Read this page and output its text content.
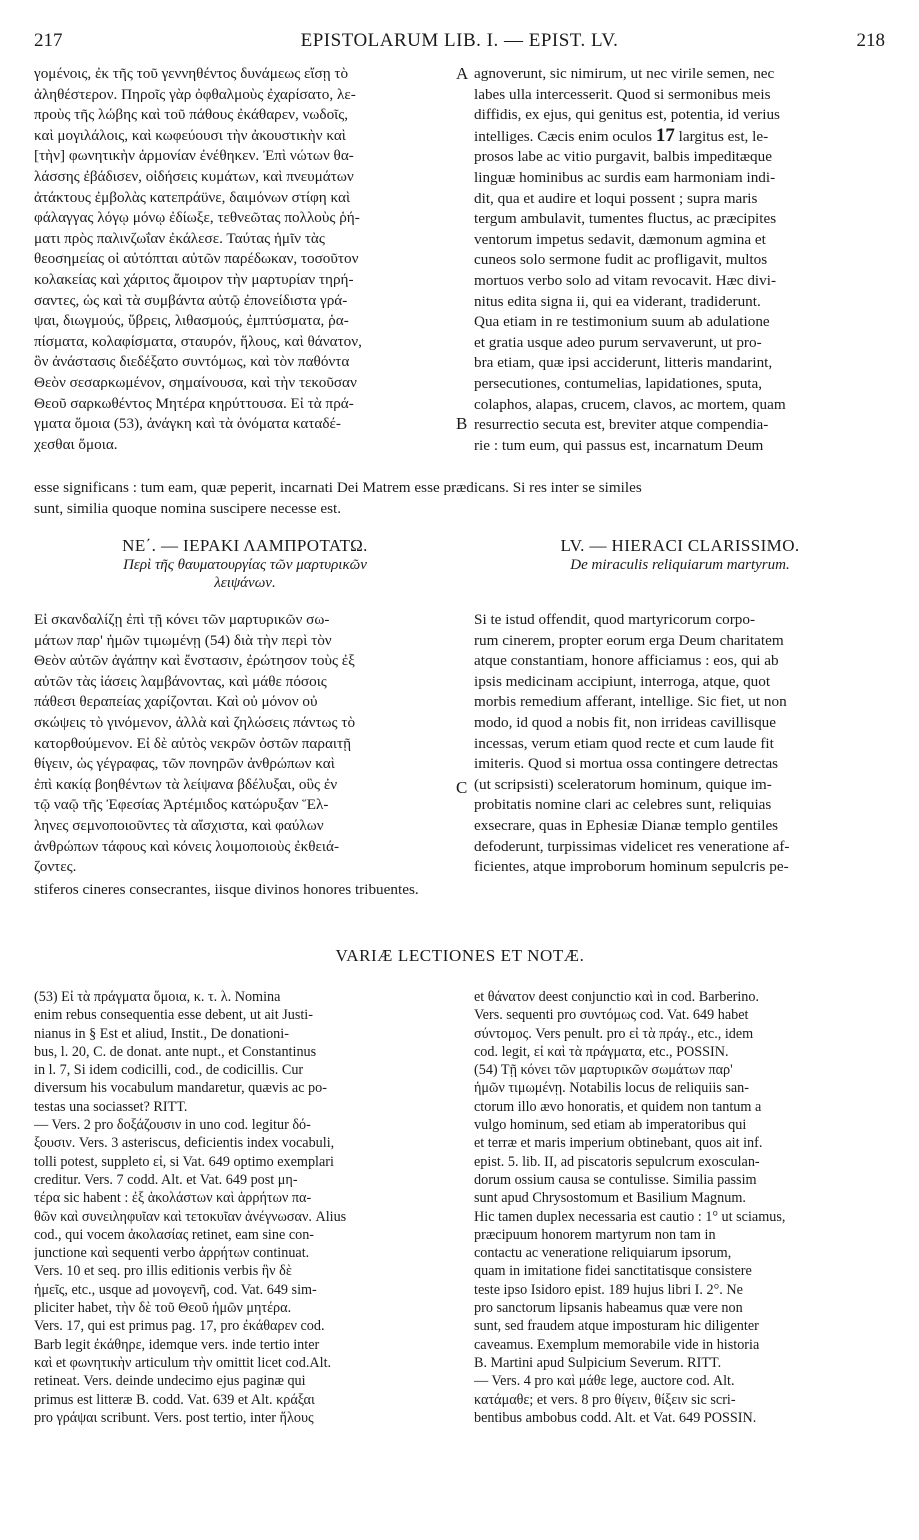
217	EPISTOLARUM LIB. I. — EPIST. LV.	218
γομένοις, ἐκ τῆς τοῦ γεννηθέντος δυνάμεως εἴσῃ τὸ
ἀληθέστερον. Πηροῖς γὰρ ὀφθαλμοὺς ἐχαρίσατο, λε-
προὺς τῆς λώβης καὶ τοῦ πάθους ἐκάθαρεν, νωδοῖς,
καὶ μογιλάλοις, καὶ κωφεύουσι τὴν ἀκουστικὴν καὶ
[τὴν] φωνητικὴν ἁρμονίαν ἐνέθηκεν. Ἐπὶ νώτων θα-
λάσσης ἐβάδισεν, οἰδήσεις κυμάτων, καὶ πνευμάτων
ἀτάκτους ἐμβολὰς κατεπράϋνε, δαιμόνων στίφη καὶ
φάλαγγας λόγῳ μόνῳ ἐδίωξε, τεθνεῶτας πολλοὺς ῥή-
ματι πρὸς παλινζωΐαν ἐκάλεσε. Ταύτας ἡμῖν τὰς
θεοσημείας οἱ αὐτόπται αὐτῶν παρέδωκαν, τοσοῦτον
κολακείας καὶ χάριτος ἄμοιρον τὴν μαρτυρίαν τηρή-
σαντες, ὡς καὶ τὰ συμβάντα αὐτῷ ἐπονείδιστα γρά-
ψαι, διωγμούς, ὕβρεις, λιθασμούς, ἐμπτύσματα, ῥα-
πίσματα, κολαφίσματα, σταυρόν, ἥλους, καὶ θάνατον,
ὃν ἀνάστασις διεδέξατο συντόμως, καὶ τὸν παθόντα
Θεὸν σεσαρκωμένον, σημαίνουσα, καὶ τὴν τεκοῦσαν
Θεοῦ σαρκωθέντος Μητέρα κηρύττουσα. Εἰ τὰ πρά-
γματα ὅμοια (53), ἀνάγκη καὶ τὰ ὀνόματα καταδέ-
χεσθαι ὅμοια.
agnoverunt, sic nimirum, ut nec virile semen, nec
labes ulla intercesserit. Quod si sermonibus meis
diffidis, ex ejus, qui genitus est, potentia, id verius
intelliges. Cæcis enim oculos 17 largitus est, le-
prosos labe ac vitio purgavit, balbis impeditæque
linguæ hominibus ac surdis eam harmoniam indi-
dit, qua et audire et loqui possent ; supra maris
tergum ambulavit, tumentes fluctus, ac præcipites
ventorum impetus sedavit, dæmonum agmina et
cuneos solo sermone fudit ac profligavit, multos
mortuos verbo solo ad vitam revocavit. Hæc divi-
nitus edita signa ii, qui ea viderant, tradiderunt.
Qua etiam in re testimonium suum ab adulatione
et gratia usque adeo purum servaverunt, ut pro-
bra etiam, quæ ipsi acciderunt, litteris mandarint,
persecutiones, contumelias, lapidationes, sputa,
colaphos, alapas, crucem, clavos, ac mortem, quam
resurrectio secuta est, breviter atque compendia-
rie : tum eum, qui passus est, incarnatum Deum
A
B
C
esse significans : tum eam, quæ peperit, incarnati Dei Matrem esse prædicans. Si res inter se similes
sunt, similia quoque nomina suscipere necesse est.
ΝΕ΄. — ΙΕΡΑΚΙ ΛΑΜΠΡΟΤΑΤΩ.
Περὶ τῆς θαυματουργίας τῶν μαρτυρικῶν
λειψάνων.
LV. — HIERACI CLARISSIMO.
De miraculis reliquiarum martyrum.
Εἰ σκανδαλίζῃ ἐπὶ τῇ κόνει τῶν μαρτυρικῶν σω-
μάτων παρ' ἡμῶν τιμωμένῃ (54) διὰ τὴν περὶ τὸν
Θεὸν αὐτῶν ἀγάπην καὶ ἔνστασιν, ἐρώτησον τοὺς ἐξ
αὐτῶν τὰς ἰάσεις λαμβάνοντας, καὶ μάθε πόσοις
πάθεσι θεραπείας χαρίζονται. Καὶ οὐ μόνον οὐ
σκώψεις τὸ γινόμενον, ἀλλὰ καὶ ζηλώσεις πάντως τὸ
κατορθούμενον. Εἰ δὲ αὐτὸς νεκρῶν ὀστῶν παραιτῇ
θίγειν, ὡς γέγραφας, τῶν πονηρῶν ἀνθρώπων καὶ
ἐπὶ κακίᾳ βοηθέντων τὰ λείψανα βδέλυξαι, οὓς ἐν
τῷ ναῷ τῆς Ἐφεσίας Ἀρτέμιδος κατώρυξαν Ἕλ-
ληνες σεμνοποιοῦντες τὰ αἴσχιστα, καὶ φαύλων
ἀνθρώπων τάφους καὶ κόνεις λοιμοποιοὺς ἐκθειά-
ζοντες.
Si te istud offendit, quod martyricorum corpo-
rum cinerem, propter eorum erga Deum charitatem
atque constantiam, honore afficiamus : eos, qui ab
ipsis medicinam accipiunt, interroga, atque, quot
morbis remedium afferant, intellige. Sic fiet, ut non
modo, id quod a nobis fit, non irrideas cavillisque
incessas, verum etiam quod recte et cum laude fit
imiteris. Quod si mortua ossa contingere detrectas
(ut scripsisti) sceleratorum hominum, quique im-
probitatis nomine clari ac celebres sunt, reliquias
exsecrare, quas in Ephesiæ Dianæ templo gentiles
defoderunt, turpissimas videlicet res veneratione af-
ficientes, atque improborum hominum sepulcris pe-
stiferos cineres consecrantes, iisque divinos honores tribuentes.
VARIÆ LECTIONES ET NOTÆ.
(53) Εἰ τὰ πράγματα ὅμοια, κ. τ. λ. Nomina
enim rebus consequentia esse debent, ut ait Justi-
nianus in § Est et aliud, Instit., De donationi-
bus, l. 20, C. de donat. ante nupt., et Constantinus
in l. 7, Si idem codicilli, cod., de codicillis. Cur
diversum his vocabulum mandaretur, quævis ac po-
testas una sociasset? RITT.
— Vers. 2 pro δοξάζουσιν in uno cod. legitur δό-
ξουσιν. Vers. 3 asteriscus, deficientis index vocabuli,
tolli potest, suppleto εἰ, si Vat. 649 optimo exemplari
creditur. Vers. 7 codd. Alt. et Vat. 649 post μη-
τέρα sic habent : ἐξ ἀκολάστων καὶ ἀρρήτων πα-
θῶν καὶ συνειληφυῖαν καὶ τετοκυῖαν ἀνέγνωσαν. Alius
cod., qui vocem ἀκολασίας retinet, eam sine con-
junctione καὶ sequenti verbo ἀρρήτων continuat.
Vers. 10 et seq. pro illis editionis verbis ἣν δὲ
ἡμεῖς, etc., usque ad μονογενῆ, cod. Vat. 649 sim-
pliciter habet, τὴν δὲ τοῦ Θεοῦ ἡμῶν μητέρα.
Vers. 17, qui est primus pag. 17, pro ἐκάθαρεν cod.
Barb legit ἐκάθηρε, idemque vers. inde tertio inter
καὶ et φωνητικὴν articulum τὴν omittit licet cod.Alt.
retineat. Vers. deinde undecimo ejus paginæ qui
primus est litteræ B. codd. Vat. 639 et Alt. κράξαι
pro γράψαι scribunt. Vers. post tertio, inter ἥλους
et θάνατον deest conjunctio καὶ in cod. Barberino.
Vers. sequenti pro συντόμως cod. Vat. 649 habet
σύντομος. Vers penult. pro εἰ τὰ πράγ., etc., idem
cod. legit, εἰ καὶ τὰ πράγματα, etc., POSSIN.
(54) Τῇ κόνει τῶν μαρτυρικῶν σωμάτων παρ'
ἡμῶν τιμωμένῃ. Notabilis locus de reliquiis san-
ctorum illo ævo honoratis, et quidem non tantum a
vulgo hominum, sed etiam ab imperatoribus qui
et terræ et maris imperium obtinebant, quos ait inf.
epist. 5. lib. II, ad piscatoris sepulcrum exosculan-
dorum ossium causa se contulisse. Similia passim
sunt apud Chrysostomum et Basilium Magnum.
Hic tamen duplex necessaria est cautio : 1° ut sciamus,
præcipuum honorem martyrum non tam in
contactu ac veneratione reliquiarum ipsorum,
quam in imitatione fidei sanctitatisque consistere
teste ipso Isidoro epist. 189 hujus libri I. 2°. Ne
pro sanctorum lipsanis habeamus quæ vere non
sunt, sed fraudem atque imposturam hic diligenter
caveamus. Exemplum memorabile vide in historia
B. Martini apud Sulpicium Severum. RITT.
— Vers. 4 pro καὶ μάθε lege, auctore cod. Alt.
κατάμαθε; et vers. 8 pro θίγειν, θίξειν sic scri-
bentibus ambobus codd. Alt. et Vat. 649 POSSIN.
